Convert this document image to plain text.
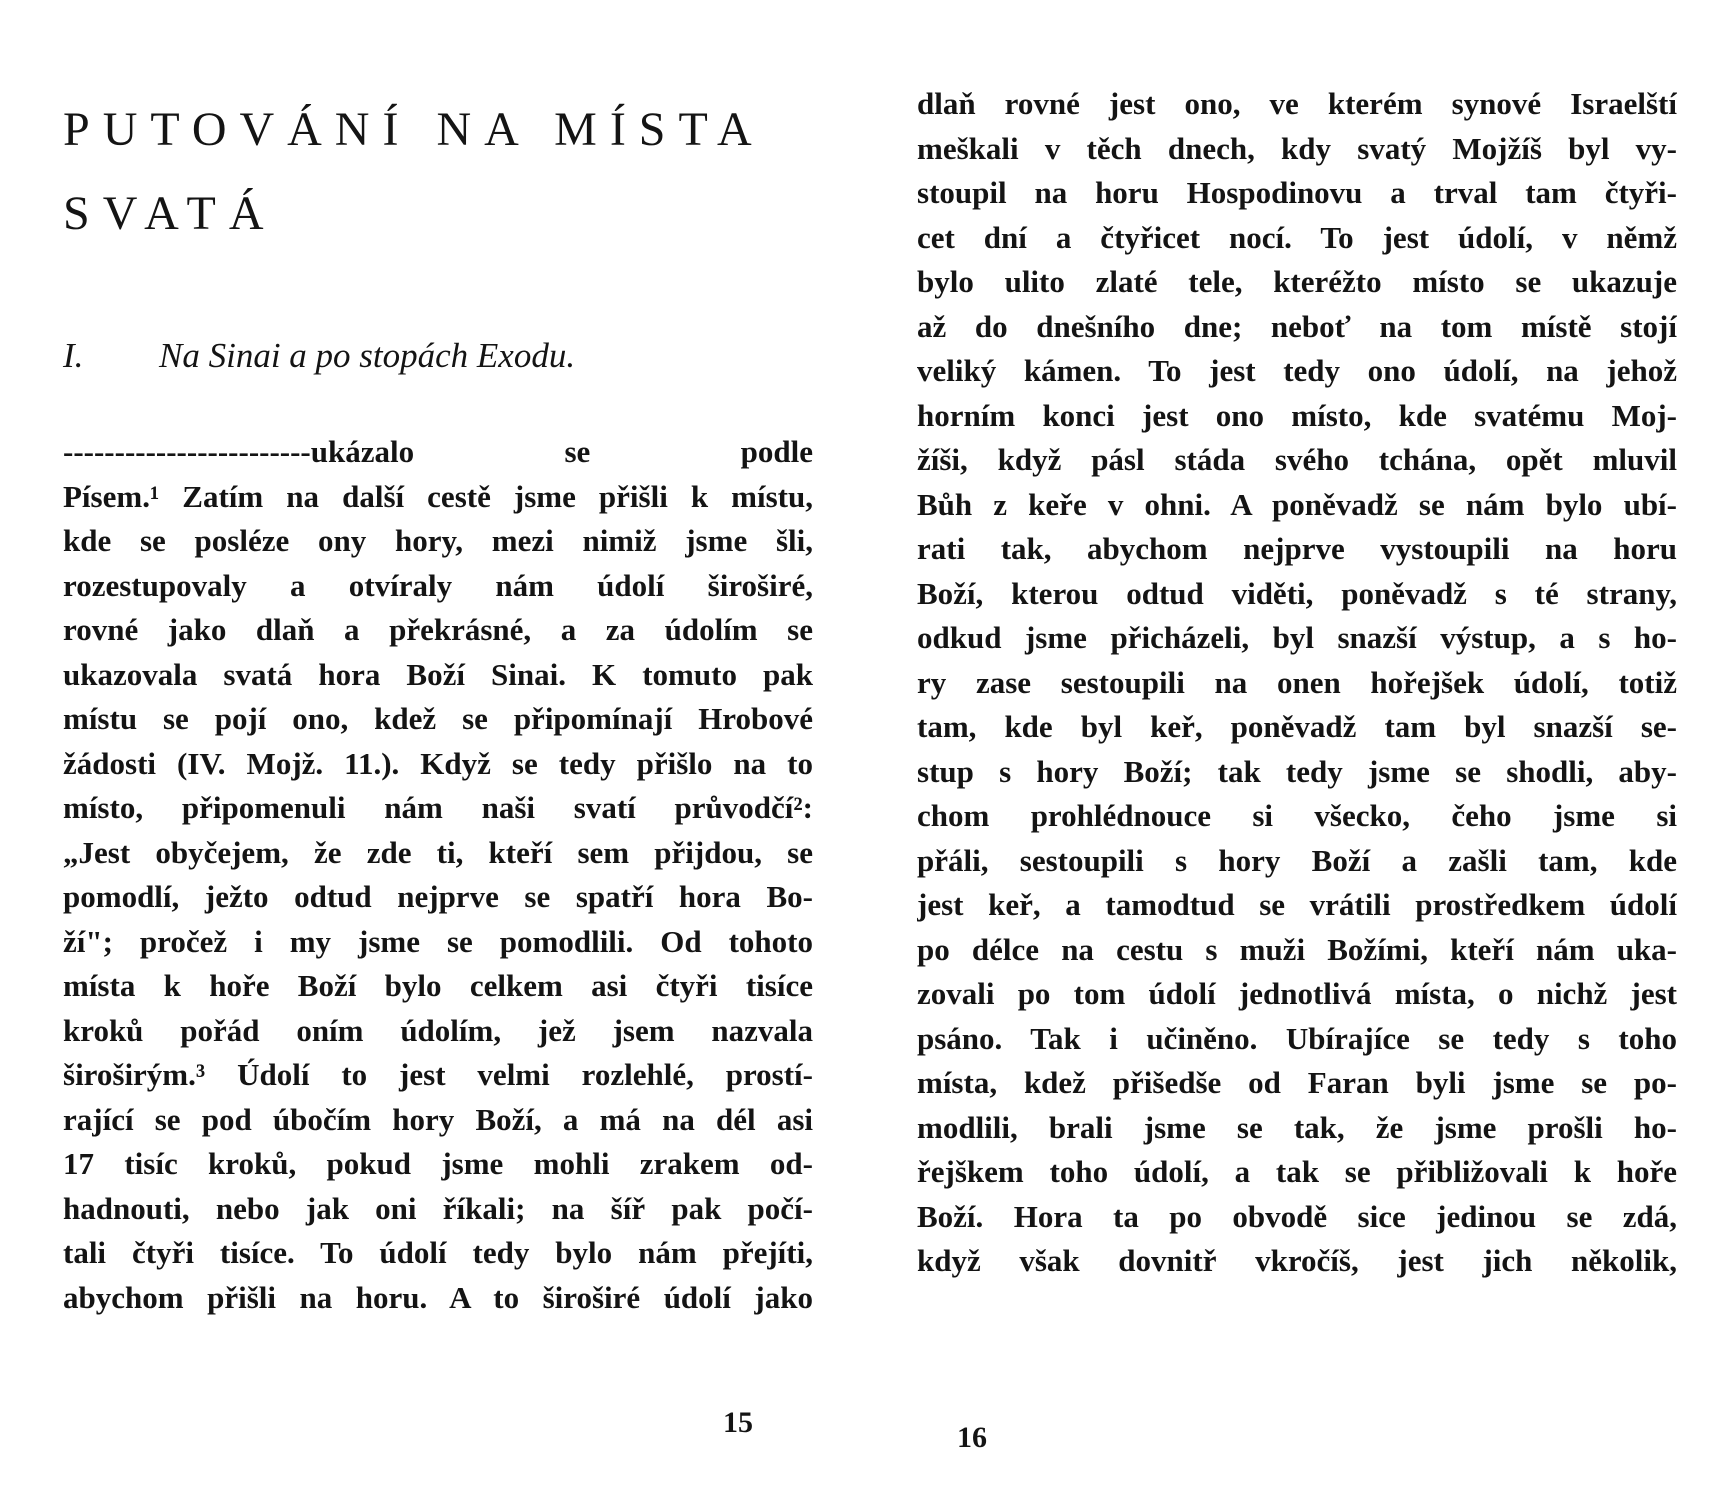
PUTOVÁNÍ NA MÍSTA
SVATÁ
I. Na Sinai a po stopách Exodu.
------------------------ukázalo se podle
Písem.¹ Zatím na další cestě jsme přišli k místu,
kde se posléze ony hory, mezi nimiž jsme šli,
rozestupovaly a otvíraly nám údolí široširé,
rovné jako dlaň a překrásné, a za údolím se
ukazovala svatá hora Boží Sinai. K tomuto pak
místu se pojí ono, kdež se připomínají Hrobové
žádosti (IV. Mojž. 11.). Když se tedy přišlo na to
místo, připomenuli nám naši svatí průvodčí²:
„Jest obyčejem, že zde ti, kteří sem přijdou, se
pomodlí, ježto odtud nejprve se spatří hora Bo-
ží"; pročež i my jsme se pomodlili. Od tohoto
místa k hoře Boží bylo celkem asi čtyři tisíce
kroků pořád oním údolím, jež jsem nazvala
široširým.³ Údolí to jest velmi rozlehlé, prostí-
rající se pod úbočím hory Boží, a má na dél asi
17 tisíc kroků, pokud jsme mohli zrakem od-
hadnouti, nebo jak oni říkali; na šíř pak počí-
tali čtyři tisíce. To údolí tedy bylo nám přejíti,
abychom přišli na horu. A to široširé údolí jako
15
dlaň rovné jest ono, ve kterém synové Israelští
meškali v těch dnech, kdy svatý Mojžíš byl vy-
stoupil na horu Hospodinovu a trval tam čtyři-
cet dní a čtyřicet nocí. To jest údolí, v němž
bylo ulito zlaté tele, kteréžto místo se ukazuje
až do dnešního dne; neboť na tom místě stojí
veliký kámen. To jest tedy ono údolí, na jehož
horním konci jest ono místo, kde svatému Moj-
žíši, když pásl stáda svého tchána, opět mluvil
Bůh z keře v ohni. A poněvadž se nám bylo ubí-
rati tak, abychom nejprve vystoupili na horu
Boží, kterou odtud viděti, poněvadž s té strany,
odkud jsme přicházeli, byl snazší výstup, a s ho-
ry zase sestoupili na onen hořejšek údolí, totiž
tam, kde byl keř, poněvadž tam byl snazší se-
stup s hory Boží; tak tedy jsme se shodli, aby-
chom prohlédnouce si všecko, čeho jsme si
přáli, sestoupili s hory Boží a zašli tam, kde
jest keř, a tamodtud se vrátili prostředkem údolí
po délce na cestu s muži Božími, kteří nám uka-
zovali po tom údolí jednotlivá místa, o nichž jest
psáno. Tak i učiněno. Ubírajíce se tedy s toho
místa, kdež přišedše od Faran byli jsme se po-
modlili, brali jsme se tak, že jsme prošli ho-
řejškem toho údolí, a tak se přibližovali k hoře
Boží. Hora ta po obvodě sice jedinou se zdá,
když však dovnitř vkročíš, jest jich několik,
16
